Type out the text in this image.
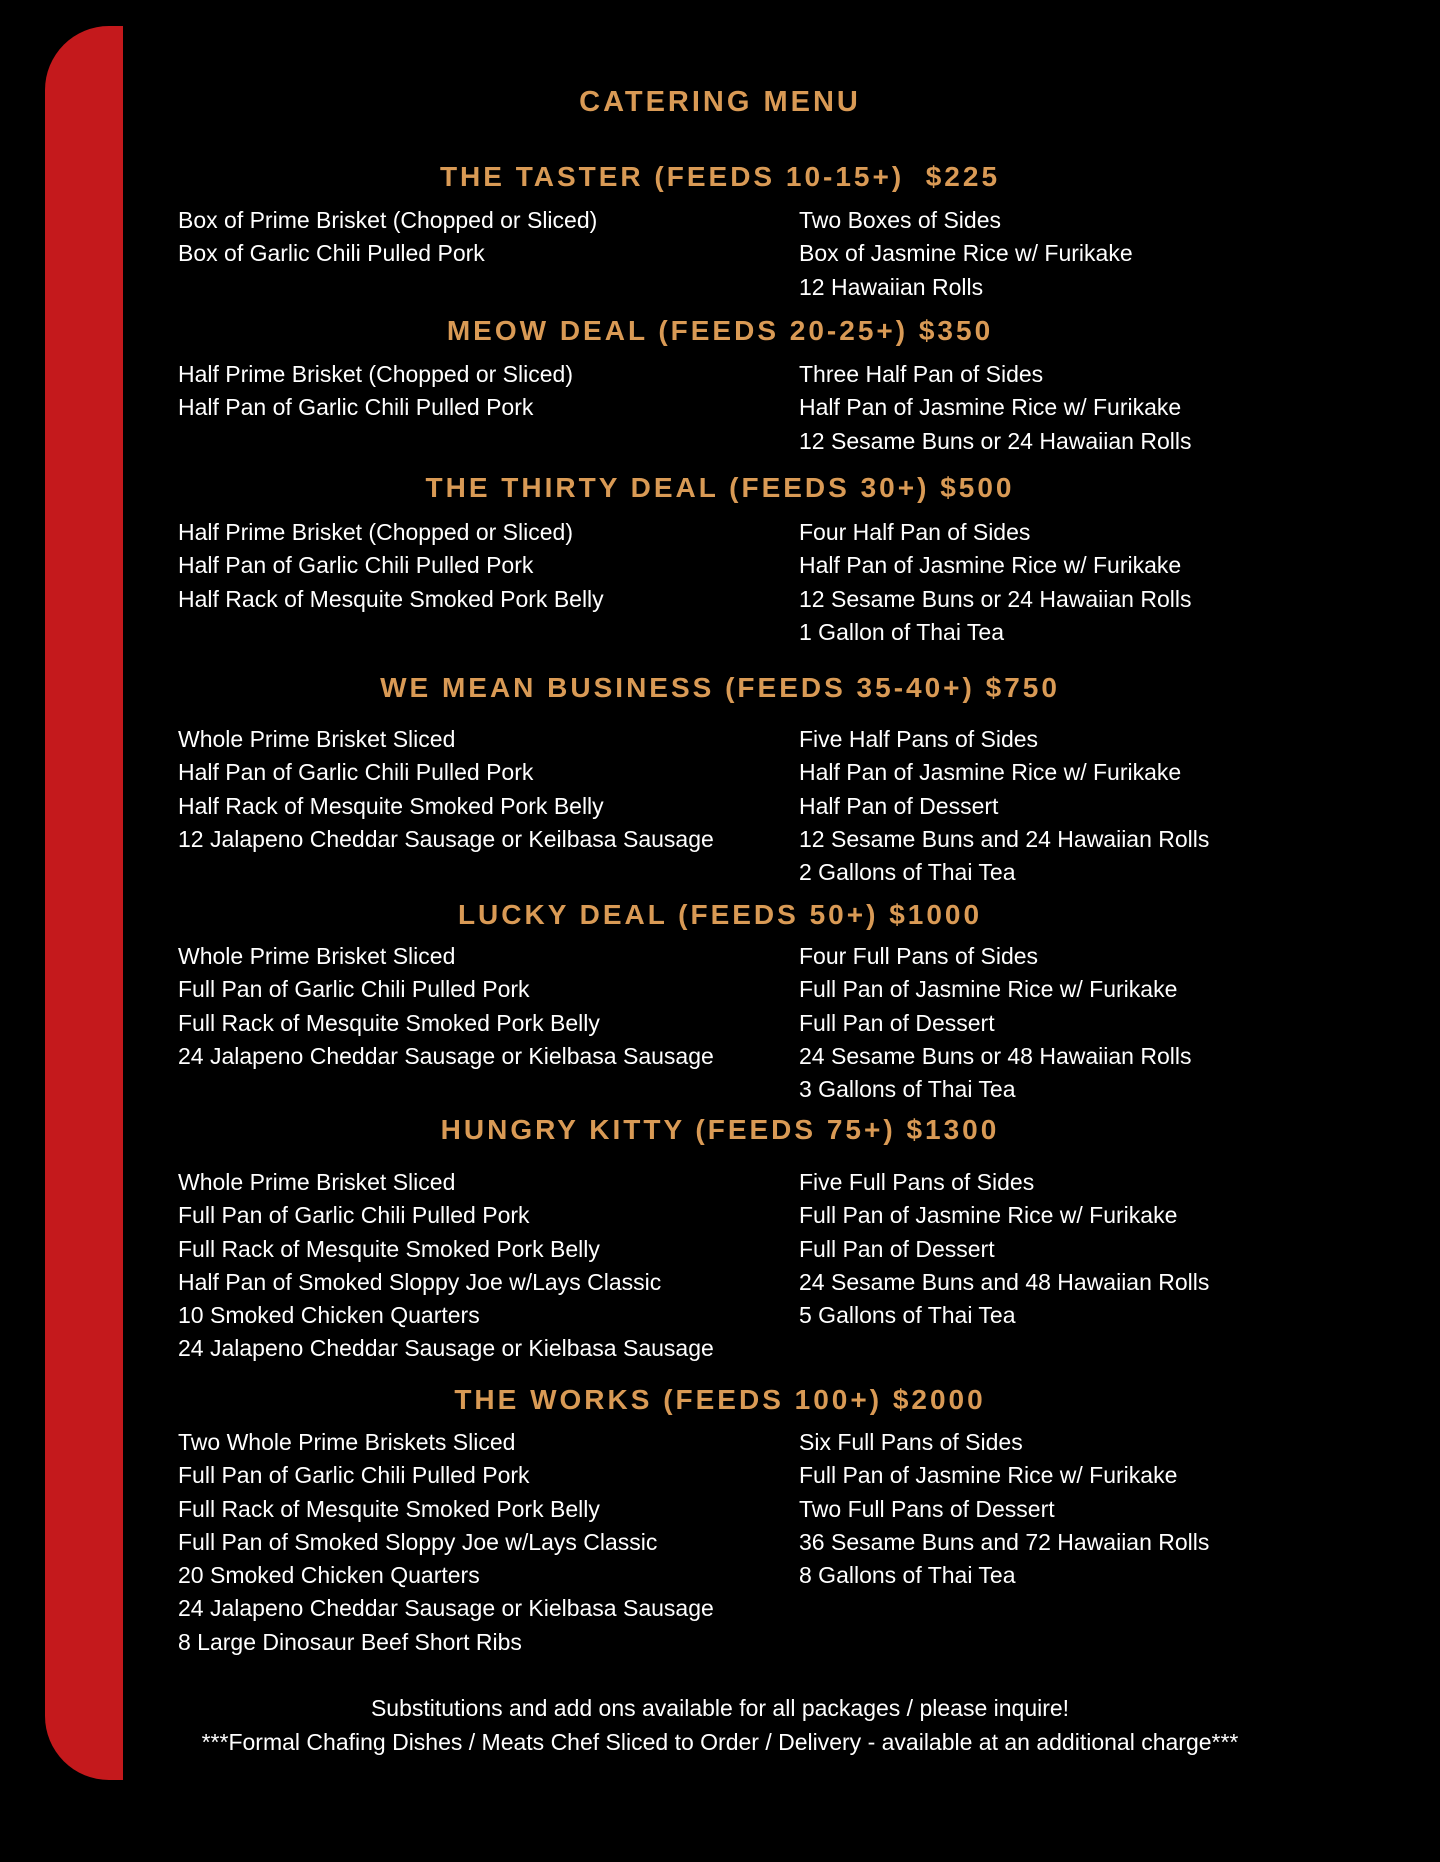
CATERING MENU
THE TASTER (FEEDS 10-15+)  $225
Box of Prime Brisket (Chopped or Sliced)
Box of Garlic Chili Pulled Pork
Two Boxes of Sides
Box of Jasmine Rice w/ Furikake
12 Hawaiian Rolls
MEOW DEAL (FEEDS 20-25+) $350
Half Prime Brisket (Chopped or Sliced)
Half Pan of Garlic Chili Pulled Pork
Three Half Pan of Sides
Half Pan of Jasmine Rice w/ Furikake
12 Sesame Buns or 24 Hawaiian Rolls
THE THIRTY DEAL (FEEDS 30+) $500
Half Prime Brisket (Chopped or Sliced)
Half Pan of Garlic Chili Pulled Pork
Half Rack of Mesquite Smoked Pork Belly
Four Half Pan of Sides
Half Pan of Jasmine Rice w/ Furikake
12 Sesame Buns or 24 Hawaiian Rolls
1 Gallon of Thai Tea
WE MEAN BUSINESS (FEEDS 35-40+) $750
Whole Prime Brisket Sliced
Half Pan of Garlic Chili Pulled Pork
Half Rack of Mesquite Smoked Pork Belly
12 Jalapeno Cheddar Sausage or Keilbasa Sausage
Five Half Pans of Sides
Half Pan of Jasmine Rice w/ Furikake
Half Pan of Dessert
12 Sesame Buns and 24 Hawaiian Rolls
2 Gallons of Thai Tea
LUCKY DEAL (FEEDS 50+) $1000
Whole Prime Brisket Sliced
Full Pan of Garlic Chili Pulled Pork
Full Rack of Mesquite Smoked Pork Belly
24 Jalapeno Cheddar Sausage or Kielbasa Sausage
Four Full Pans of Sides
Full Pan of Jasmine Rice w/ Furikake
Full Pan of Dessert
24 Sesame Buns or 48 Hawaiian Rolls
3 Gallons of Thai Tea
HUNGRY KITTY (FEEDS 75+) $1300
Whole Prime Brisket Sliced
Full Pan of Garlic Chili Pulled Pork
Full Rack of Mesquite Smoked Pork Belly
Half Pan of Smoked Sloppy Joe w/Lays Classic
10 Smoked Chicken Quarters
24 Jalapeno Cheddar Sausage or Kielbasa Sausage
Five Full Pans of Sides
Full Pan of Jasmine Rice w/ Furikake
Full Pan of Dessert
24 Sesame Buns and 48 Hawaiian Rolls
5 Gallons of Thai Tea
THE WORKS (FEEDS 100+) $2000
Two Whole Prime Briskets Sliced
Full Pan of Garlic Chili Pulled Pork
Full Rack of Mesquite Smoked Pork Belly
Full Pan of Smoked Sloppy Joe w/Lays Classic
20 Smoked Chicken Quarters
24 Jalapeno Cheddar Sausage or Kielbasa Sausage
8 Large Dinosaur Beef Short Ribs
Six Full Pans of Sides
Full Pan of Jasmine Rice w/ Furikake
Two Full Pans of Dessert
36 Sesame Buns and 72 Hawaiian Rolls
8 Gallons of Thai Tea
Substitutions and add ons available for all packages / please inquire!
***Formal Chafing Dishes / Meats Chef Sliced to Order / Delivery - available at an additional charge***
